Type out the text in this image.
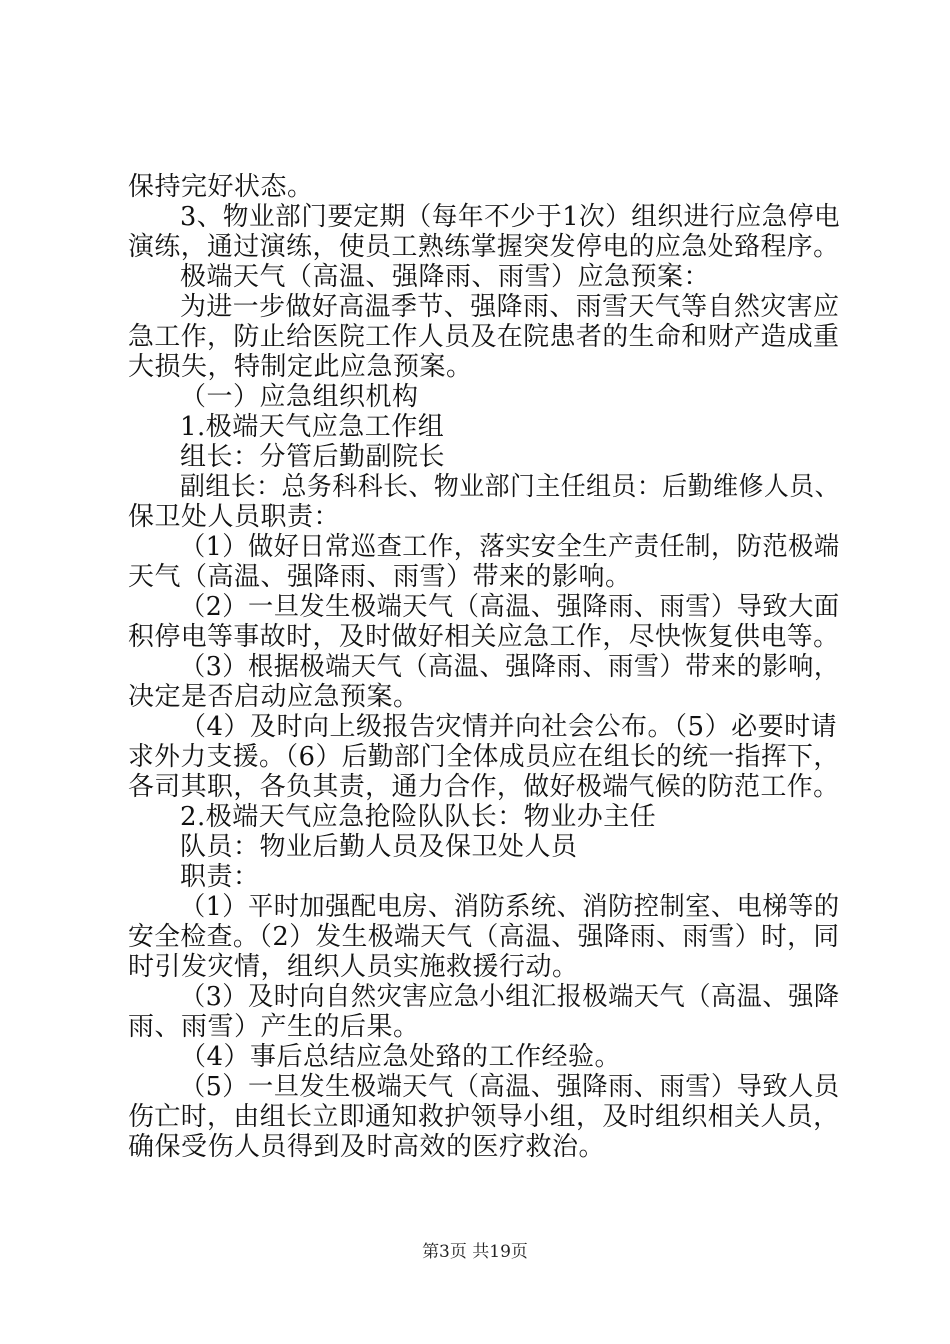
保持完好状态。
3、物业部门要定期（每年不少于1次）组织进行应急停电
演练，通过演练，使员工熟练掌握突发停电的应急处臵程序。
极端天气（高温、强降雨、雨雪）应急预案：
为进一步做好高温季节、强降雨、雨雪天气等自然灾害应
急工作，防止给医院工作人员及在院患者的生命和财产造成重
大损失，特制定此应急预案。
（一）应急组织机构
1.极端天气应急工作组
组长：分管后勤副院长
副组长：总务科科长、物业部门主任组员：后勤维修人员、
保卫处人员职责：
（1）做好日常巡查工作，落实安全生产责任制，防范极端
天气（高温、强降雨、雨雪）带来的影响。
（2）一旦发生极端天气（高温、强降雨、雨雪）导致大面
积停电等事故时，及时做好相关应急工作，尽快恢复供电等。
（3）根据极端天气（高温、强降雨、雨雪）带来的影响，
决定是否启动应急预案。
（4）及时向上级报告灾情并向社会公布。（5）必要时请
求外力支援。（6）后勤部门全体成员应在组长的统一指挥下，
各司其职，各负其责，通力合作，做好极端气候的防范工作。
2.极端天气应急抢险队队长：物业办主任
队员：物业后勤人员及保卫处人员
职责：
（1）平时加强配电房、消防系统、消防控制室、电梯等的
安全检查。（2）发生极端天气（高温、强降雨、雨雪）时，同
时引发灾情，组织人员实施救援行动。
（3）及时向自然灾害应急小组汇报极端天气（高温、强降
雨、雨雪）产生的后果。
（4）事后总结应急处臵的工作经验。
（5）一旦发生极端天气（高温、强降雨、雨雪）导致人员
伤亡时，由组长立即通知救护领导小组，及时组织相关人员，
确保受伤人员得到及时高效的医疗救治。
第3页 共19页
